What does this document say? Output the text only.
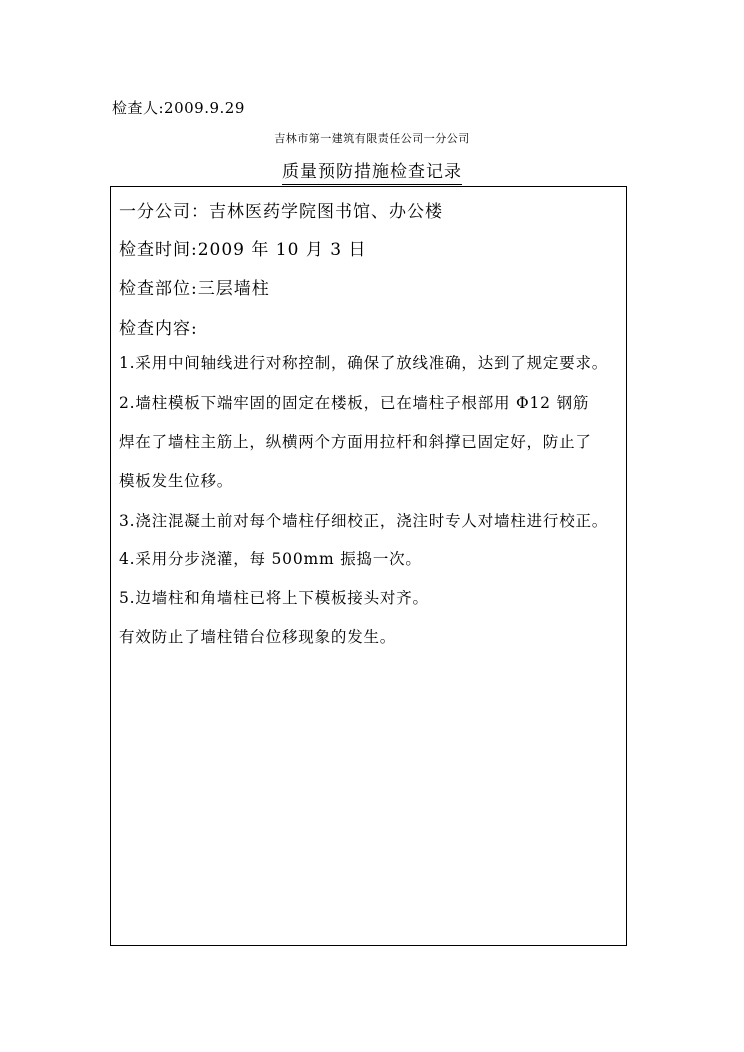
检查人:2009.9.29
吉林市第一建筑有限责任公司一分公司
质量预防措施检查记录
一分公司：吉林医药学院图书馆、办公楼
检查时间:2009 年 10 月 3 日
检查部位:三层墙柱
检查内容:
1.采用中间轴线进行对称控制，确保了放线准确，达到了规定要求。
2.墙柱模板下端牢固的固定在楼板，已在墙柱子根部用 Φ12 钢筋
焊在了墙柱主筋上，纵横两个方面用拉杆和斜撑已固定好，防止了
模板发生位移。
3.浇注混凝土前对每个墙柱仔细校正，浇注时专人对墙柱进行校正。
4.采用分步浇灌，每 500mm 振捣一次。
5.边墙柱和角墙柱已将上下模板接头对齐。
有效防止了墙柱错台位移现象的发生。
